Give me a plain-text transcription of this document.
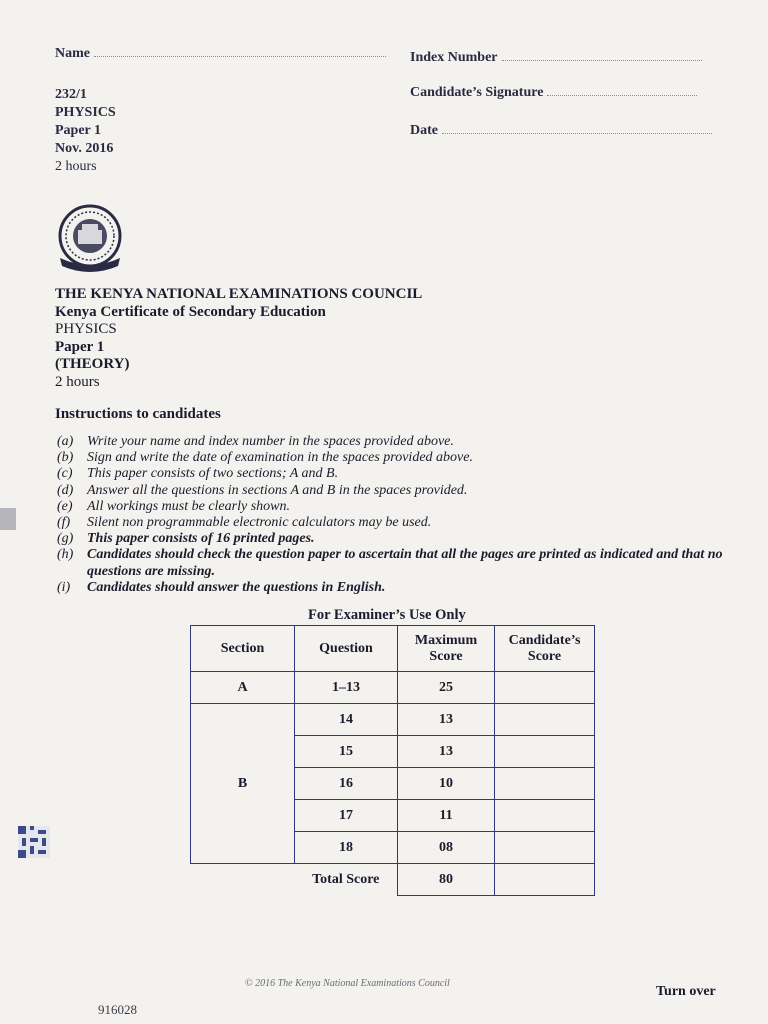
Name	Index Number
Candidate’s Signature
Date
232/1
PHYSICS
Paper 1
Nov. 2016
2 hours
THE KENYA NATIONAL EXAMINATIONS COUNCIL
Kenya Certificate of Secondary Education
PHYSICS
Paper 1
(THEORY)
2 hours
Instructions to candidates
(a) Write your name and index number in the spaces provided above.
(b) Sign and write the date of examination in the spaces provided above.
(c)	This paper consists of two sections; A and B.
(d) Answer all the questions in sections A and B in the spaces provided.
(e)	All workings must be clearly shown.
(f)	Silent non programmable electronic calculators may be used.
(g) This paper consists of 16 printed pages.
(h) Candidates should check the question paper to ascertain that all the pages are printed as indicated and that no questions are missing.
(i)	Candidates should answer the questions in English.
For Examiner’s Use Only
Section	Question	Maximum Score	Candidate’s Score
A	1–13	25	
B	14	13	
	15	13	
	16	10	
	17	11	
	18	08	
	Total Score	80	
© 2016 The Kenya National Examinations Council
Turn over
916028
